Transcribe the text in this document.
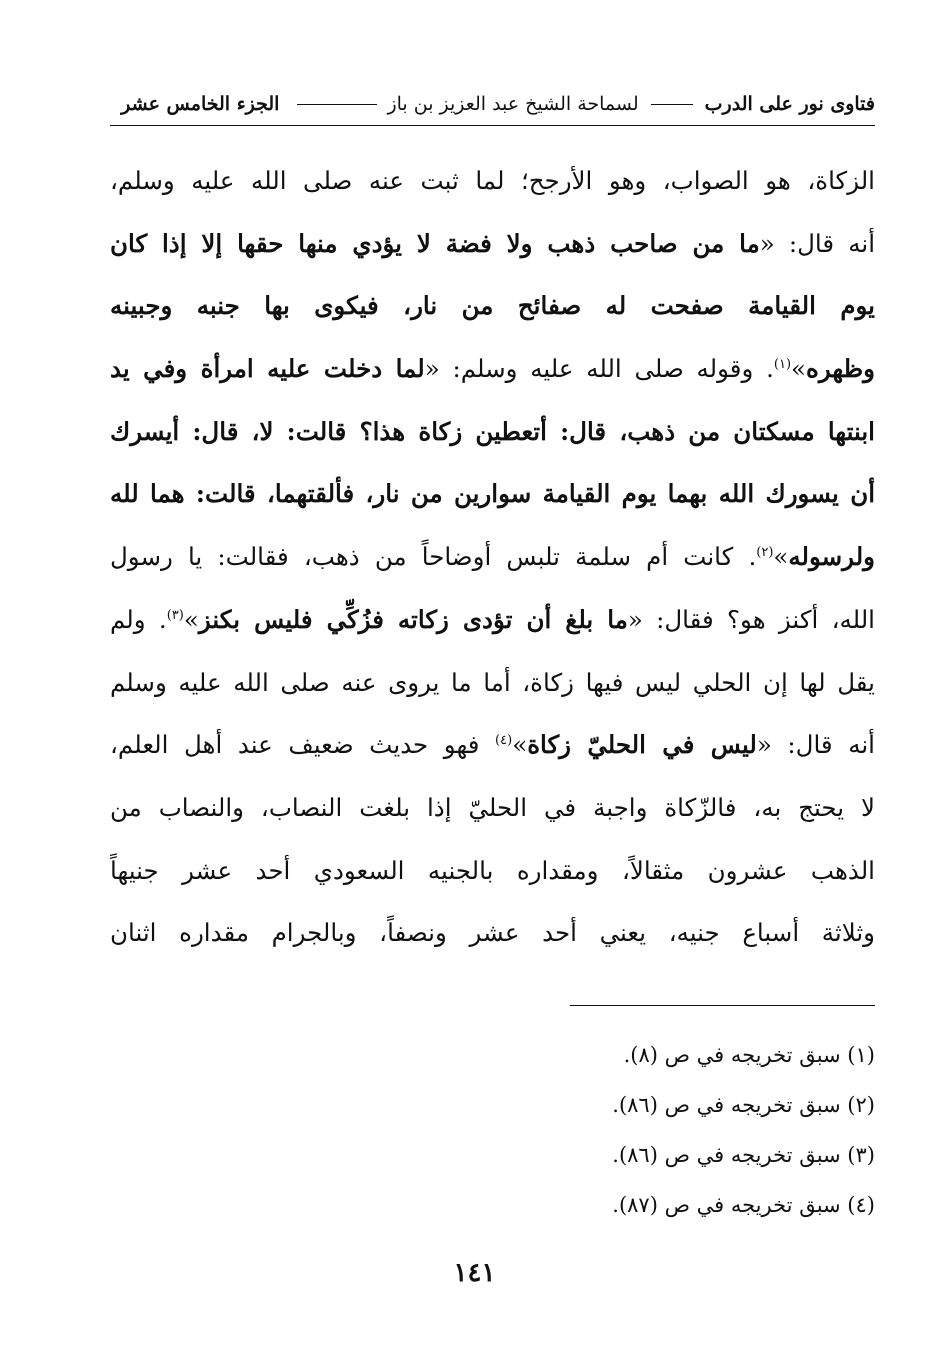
فتاوى نور على الدرب
لسماحة الشيخ عبد العزيز بن باز
الجزء الخامس عشر
الزكاة، هو الصواب، وهو الأرجح؛ لما ثبت عنه صلى الله عليه وسلم،
أنه قال: «ما من صاحب ذهب ولا فضة لا يؤدي منها حقها إلا إذا كان
يوم القيامة صفحت له صفائح من نار، فيكوى بها جنبه وجبينه
وظهره»$^{(١)}$. وقوله صلى الله عليه وسلم: «لما دخلت عليه امرأة وفي يد
ابنتها مسكتان من ذهب، قال: أتعطين زكاة هذا؟ قالت: لا، قال: أيسرك
أن يسورك الله بهما يوم القيامة سوارين من نار، فألقتهما، قالت: هما لله
ولرسوله»$^{(٢)}$. كانت أم سلمة تلبس أوضاحاً من ذهب، فقالت: يا رسول
الله، أكنز هو؟ فقال: «ما بلغ أن تؤدى زكاته فزُكِّي فليس بكنز»$^{(٣)}$. ولم
يقل لها إن الحلي ليس فيها زكاة، أما ما يروى عنه صلى الله عليه وسلم
أنه قال: «ليس في الحليّ زكاة»$^{(٤)}$ فهو حديث ضعيف عند أهل العلم،
لا يحتج به، فالزّكاة واجبة في الحليّ إذا بلغت النصاب، والنصاب من
الذهب عشرون مثقالاً، ومقداره بالجنيه السعودي أحد عشر جنيهاً
وثلاثة أسباع جنيه، يعني أحد عشر ونصفاً، وبالجرام مقداره اثنان
(١) سبق تخريجه في ص (٨).
(٢) سبق تخريجه في ص (٨٦).
(٣) سبق تخريجه في ص (٨٦).
(٤) سبق تخريجه في ص (٨٧).
١٤١
